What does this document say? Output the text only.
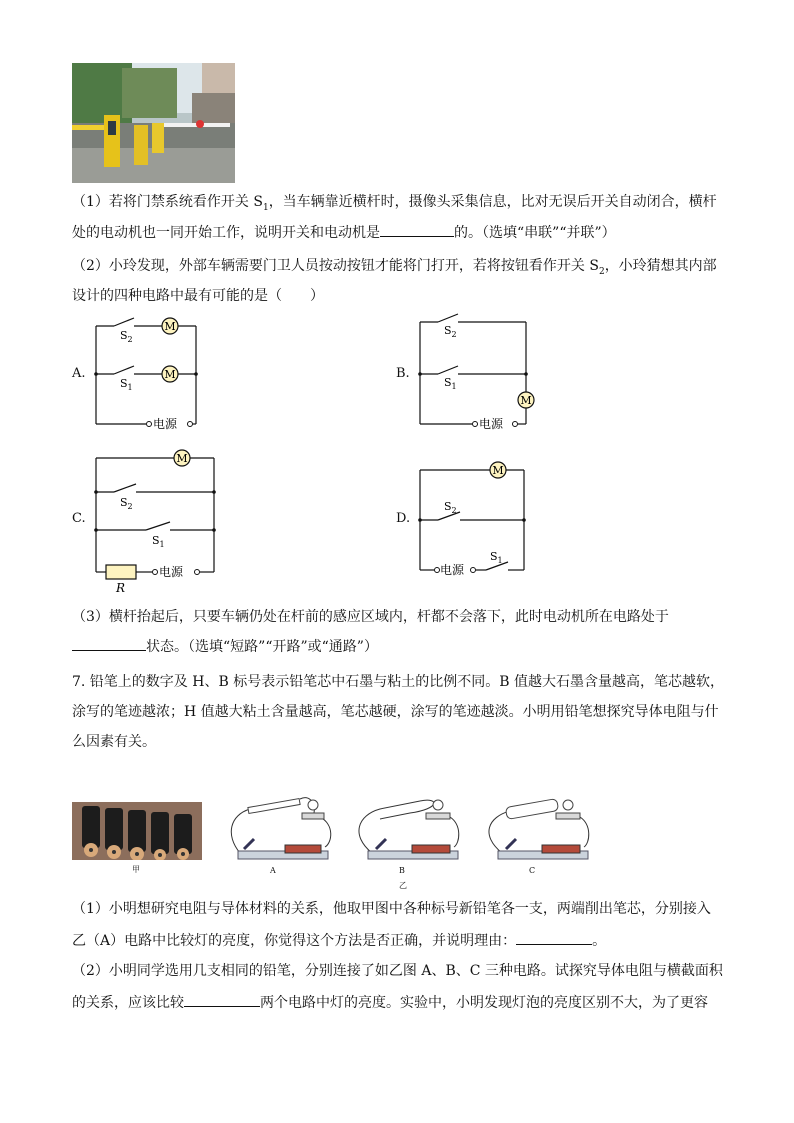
（1）若将门禁系统看作开关 $S_1$，当车辆靠近横杆时，摄像头采集信息，比对无误后开关自动闭合，横杆
处的电动机也一同开始工作，说明开关和电动机是	的。（选填“串联”“并联”）
（2）小玲发现，外部车辆需要门卫人员按动按钮才能将门打开，若将按钮看作开关 $S_2$，小玲猜想其内部
设计的四种电路中最有可能的是（　　）
A.
M
M
$S_2$
$S_1$
电源
B.
M
$S_2$
$S_1$
电源
C.
M
$S_2$
$S_1$
电源
R
D.
M
$S_2$
$S_1$
电源
（3）横杆抬起后，只要车辆仍处在杆前的感应区域内，杆都不会落下，此时电动机所在电路处于
状态。（选填“短路”“开路”或“通路”）
7. 铅笔上的数字及 H、B 标号表示铅笔芯中石墨与粘土的比例不同。B 值越大石墨含量越高，笔芯越软，
涂写的笔迹越浓；H 值越大粘土含量越高，笔芯越硬，涂写的笔迹越淡。小明用铅笔想探究导体电阻与什
么因素有关。
甲	A	B	C
乙
（1）小明想研究电阻与导体材料的关系，他取甲图中各种标号新铅笔各一支，两端削出笔芯，分别接入
乙（A）电路中比较灯的亮度，你觉得这个方法是否正确，并说明理由：	。
（2）小明同学选用几支相同的铅笔，分别连接了如乙图 A、B、C 三种电路。试探究导体电阻与横截面积
的关系，应该比较	两个电路中灯的亮度。实验中，小明发现灯泡的亮度区别不大，为了更容
